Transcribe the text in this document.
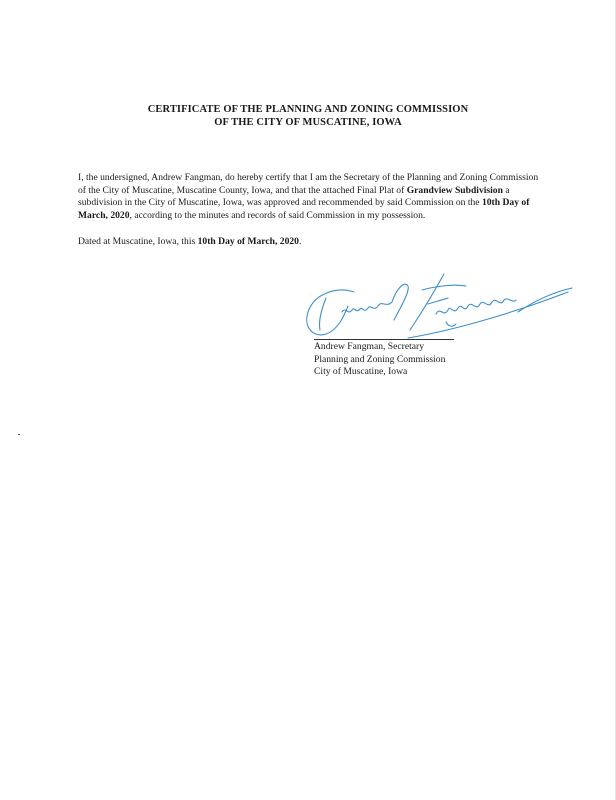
CERTIFICATE OF THE PLANNING AND ZONING COMMISSION
OF THE CITY OF MUSCATINE, IOWA
I, the undersigned, Andrew Fangman, do hereby certify that I am the Secretary of the Planning and Zoning Commission of the City of Muscatine, Muscatine County, Iowa, and that the attached Final Plat of Grandview Subdivision a subdivision in the City of Muscatine, Iowa, was approved and recommended by said Commission on the 10th Day of March, 2020, according to the minutes and records of said Commission in my possession.
Dated at Muscatine, Iowa, this 10th Day of March, 2020.
Andrew Fangman, Secretary
Planning and Zoning Commission
City of Muscatine, Iowa
